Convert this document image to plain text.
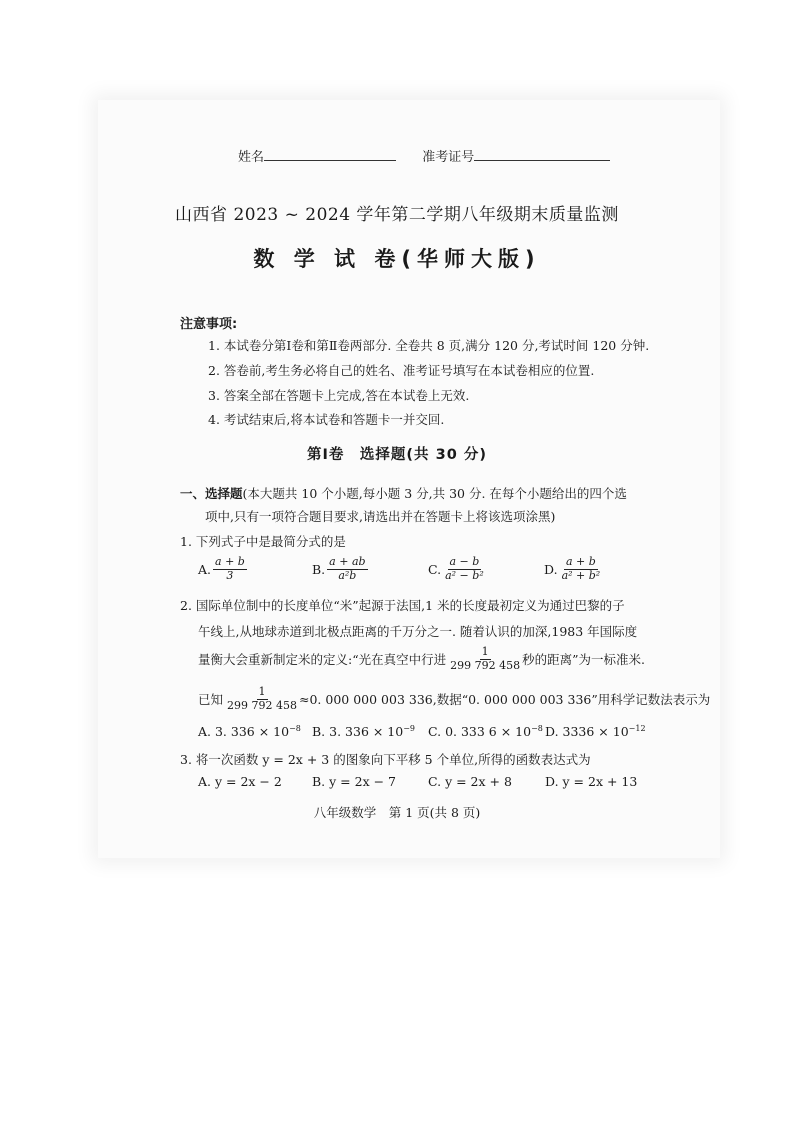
姓名	准考证号
山西省 2023 ~ 2024 学年第二学期八年级期末质量监测
数 学 试 卷(华师大版)
注意事项:
1. 本试卷分第Ⅰ卷和第Ⅱ卷两部分. 全卷共 8 页,满分 120 分,考试时间 120 分钟.
2. 答卷前,考生务必将自己的姓名、准考证号填写在本试卷相应的位置.
3. 答案全部在答题卡上完成,答在本试卷上无效.
4. 考试结束后,将本试卷和答题卡一并交回.
第Ⅰ卷　选择题(共 30 分)
一、选择题(本大题共 10 个小题,每小题 3 分,共 30 分. 在每个小题给出的四个选
项中,只有一项符合题目要求,请选出并在答题卡上将该选项涂黑)
1. 下列式子中是最简分式的是
A. $\frac{a + b}{3}$	B. $\frac{a + ab}{\text{a²b}}$	C. $\frac{a - b}{\text{a² − b²}}$	D. $\frac{a + b}{\text{a² + b²}}$
2. 国际单位制中的长度单位“米”起源于法国,1 米的长度最初定义为通过巴黎的子
午线上,从地球赤道到北极点距离的千万分之一. 随着认识的加深,1983 年国际度
量衡大会重新制定米的定义:“光在真空中行进 $\frac{1}{299 792 458}$ 秒的距离”为一标准米.
已知 $\frac{1}{299 792 458} \approx 0$. 000 000 003 336,数据“0. 000 000 003 336”用科学记数法表示为
A. 3. $336 \times 10^{-8}$ B. 3. $336 \times 10^{-9}$ C. 0. 333 $6 \times 10^{-8}$ D. $3336 \times 10^{-12}$
3. 将一次函数 y = 2x + 3 的图象向下平移 5 个单位,所得的函数表达式为
A. y = 2x − 2 B. y = 2x − 7	C. y = 2x + 8	D. y = 2x + 13
八年级数学　第 1 页(共 8 页)
